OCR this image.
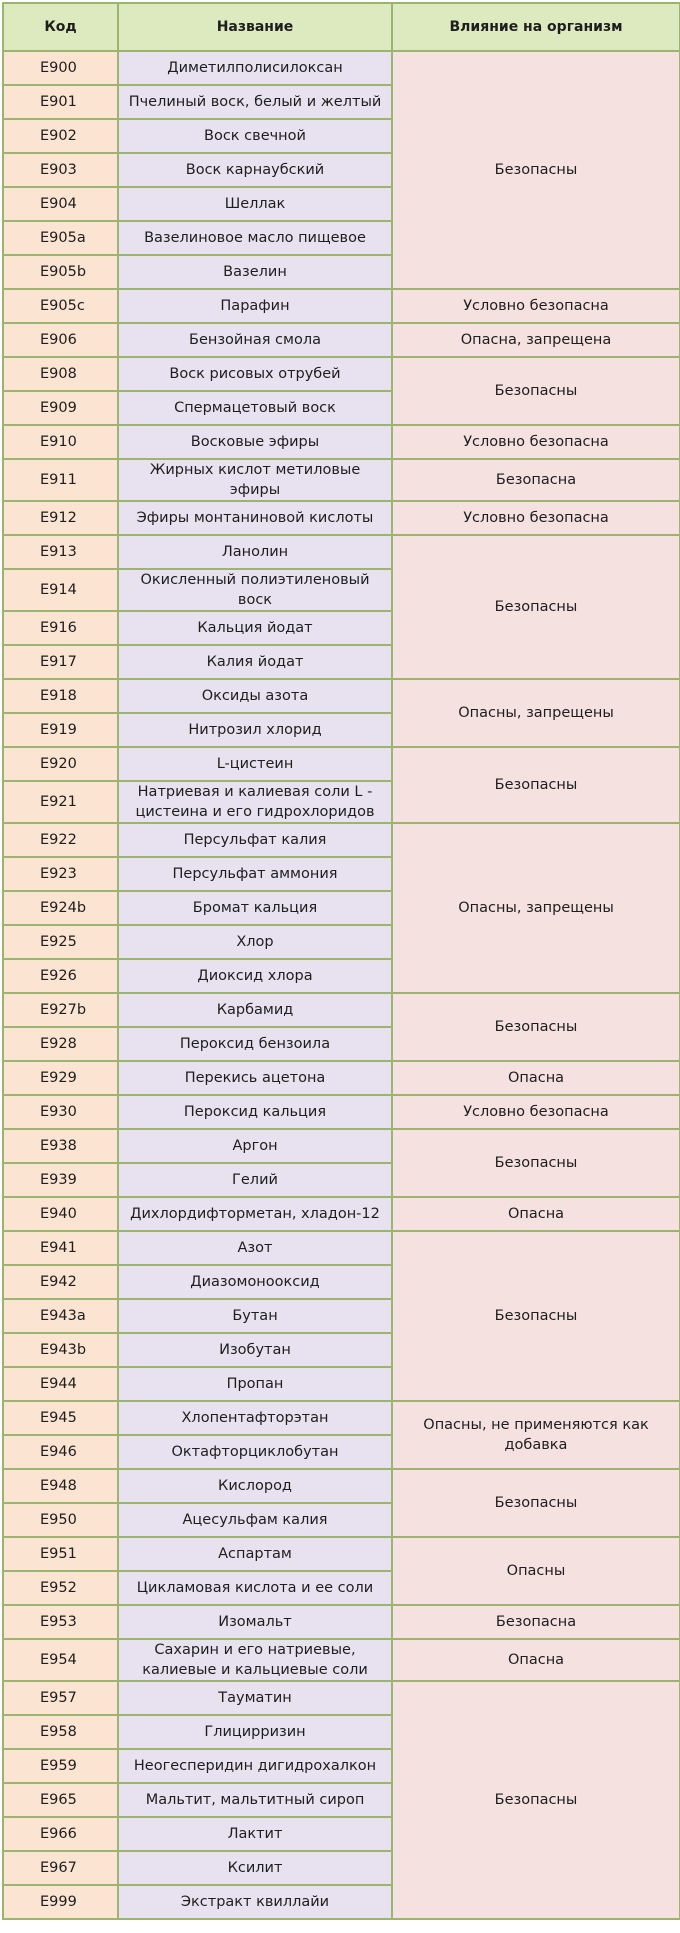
Код	Название	Влияние на организм
E900	Диметилполисилоксан	Безопасны
E901	Пчелиный воск, белый и желтый	
E902	Воск свечной	
E903	Воск карнаубский	
E904	Шеллак	
E905a	Вазелиновое масло пищевое	
E905b	Вазелин	
E905c	Парафин	Условно безопасна
E906	Бензойная смола	Опасна, запрещена
E908	Воск рисовых отрубей	Безопасны
E909	Спермацетовый воск	
E910	Восковые эфиры	Условно безопасна
E911	Жирных кислот метиловые эфиры	Безопасна
E912	Эфиры монтаниновой кислоты	Условно безопасна
E913	Ланолин	Безопасны
E914	Окисленный полиэтиленовый воск	
E916	Кальция йодат	
E917	Калия йодат	
E918	Оксиды азота	Опасны, запрещены
E919	Нитрозил хлорид	
E920	L-цистеин	Безопасны
E921	Натриевая и калиевая соли L - цистеина и его гидрохлоридов	
E922	Персульфат калия	Опасны, запрещены
E923	Персульфат аммония	
E924b	Бромат кальция	
E925	Хлор	
E926	Диоксид хлора	
E927b	Карбамид	Безопасны
E928	Пероксид бензоила	
E929	Перекись ацетона	Опасна
E930	Пероксид кальция	Условно безопасна
E938	Аргон	Безопасны
E939	Гелий	
E940	Дихлордифторметан, хладон-12	Опасна
E941	Азот	Безопасны
E942	Диазомоноoксид	
E943a	Бутан	
E943b	Изобутан	
E944	Пропан	
E945	Хлопентафторэтан	Опасны, не применяются как добавка
E946	Октафторциклобутан	
E948	Кислород	Безопасны
E950	Ацесульфам калия	
E951	Аспартам	Опасны
E952	Цикламовая кислота и ее соли	
E953	Изомальт	Безопасна
E954	Сахарин и его натриевые, калиевые и кальциевые соли	Опасна
E957	Тауматин	Безопасны
E958	Глицирризин	
E959	Неогесперидин дигидрохалкон	
E965	Мальтит, мальтитный сироп	
E966	Лактит	
E967	Ксилит	
E999	Экстракт квиллайи	
